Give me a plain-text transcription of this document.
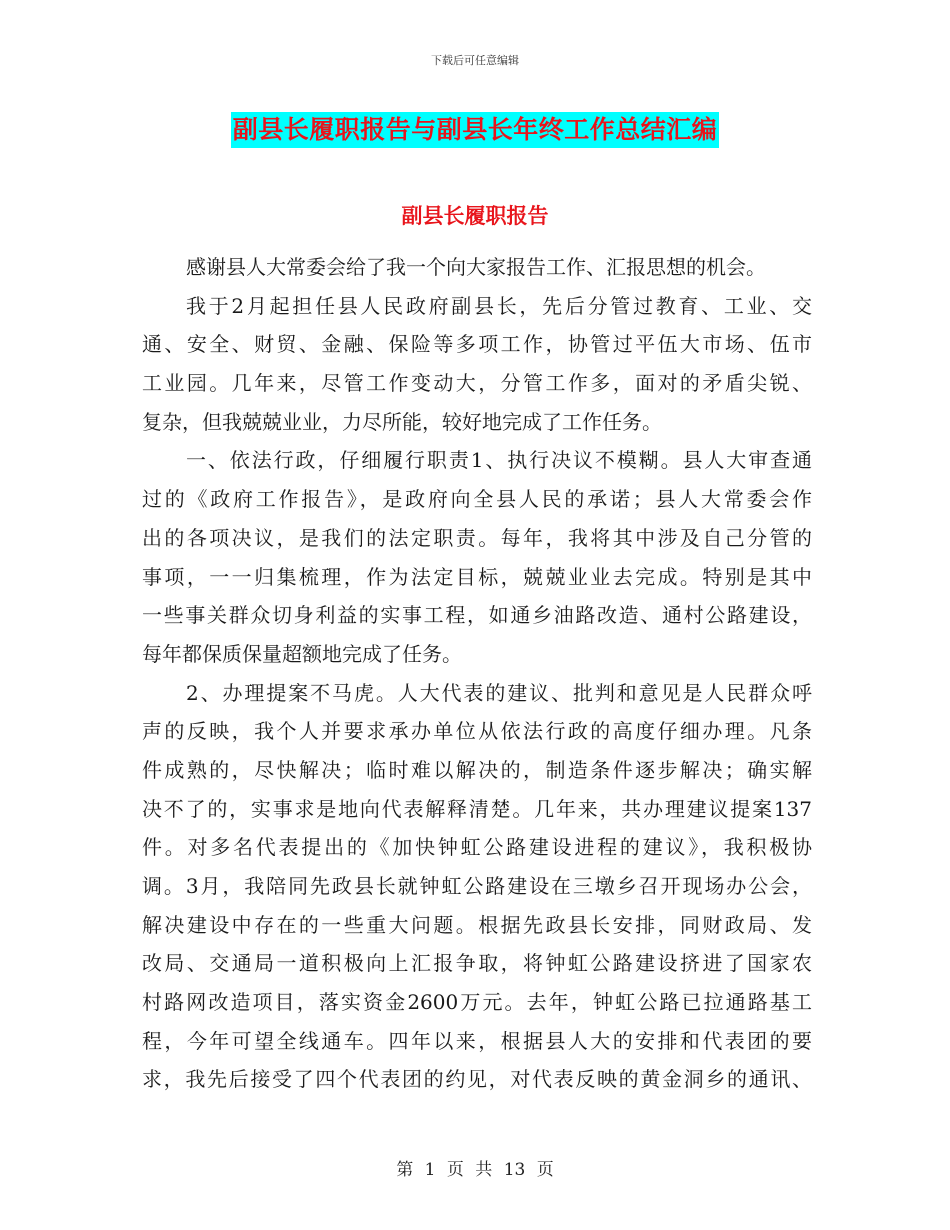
下载后可任意编辑
副县长履职报告与副县长年终工作总结汇编
副县长履职报告
感谢县人大常委会给了我一个向大家报告工作、汇报思想的机会。
我于2月起担任县人民政府副县长，先后分管过教育、工业、交
通、安全、财贸、金融、保险等多项工作，协管过平伍大市场、伍市
工业园。几年来，尽管工作变动大，分管工作多，面对的矛盾尖锐、
复杂，但我兢兢业业，力尽所能，较好地完成了工作任务。
一、依法行政，仔细履行职责1、执行决议不模糊。县人大审查通
过的《政府工作报告》，是政府向全县人民的承诺；县人大常委会作
出的各项决议，是我们的法定职责。每年，我将其中涉及自己分管的
事项，一一归集梳理，作为法定目标，兢兢业业去完成。特别是其中
一些事关群众切身利益的实事工程，如通乡油路改造、通村公路建设，
每年都保质保量超额地完成了任务。
2、办理提案不马虎。人大代表的建议、批判和意见是人民群众呼
声的反映，我个人并要求承办单位从依法行政的高度仔细办理。凡条
件成熟的，尽快解决；临时难以解决的，制造条件逐步解决；确实解
决不了的，实事求是地向代表解释清楚。几年来，共办理建议提案137
件。对多名代表提出的《加快钟虹公路建设进程的建议》，我积极协
调。3月，我陪同先政县长就钟虹公路建设在三墩乡召开现场办公会，
解决建设中存在的一些重大问题。根据先政县长安排，同财政局、发
改局、交通局一道积极向上汇报争取，将钟虹公路建设挤进了国家农
村路网改造项目，落实资金2600万元。去年，钟虹公路已拉通路基工
程，今年可望全线通车。四年以来，根据县人大的安排和代表团的要
求，我先后接受了四个代表团的约见，对代表反映的黄金洞乡的通讯、
第 1 页 共 13 页
